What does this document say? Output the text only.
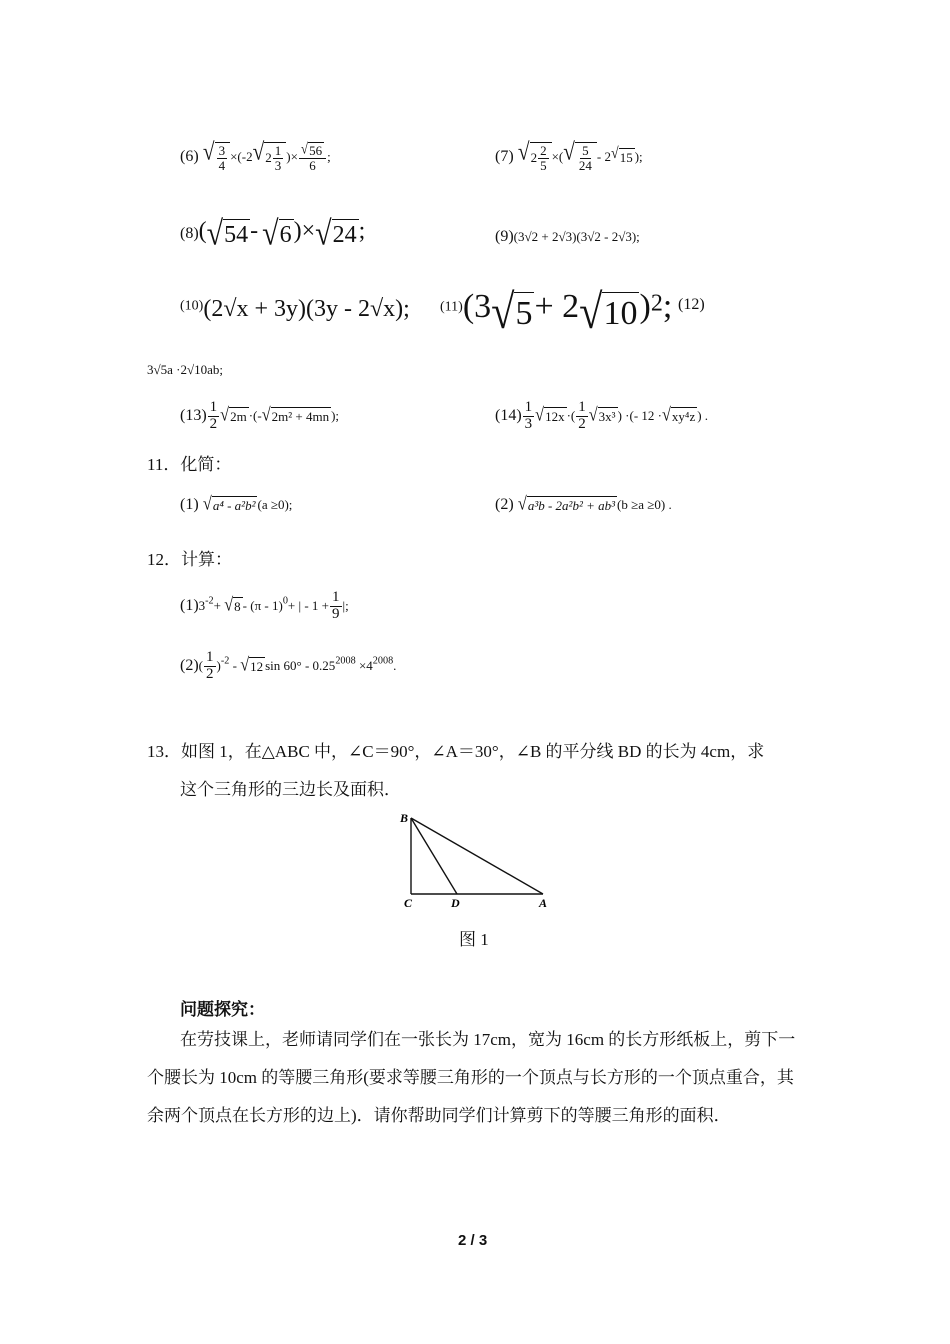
(6) √ $\frac{3}{4} \times(-2$ √ $2 \frac{1}{3}$ )× $\frac{√ 56}{6}$ ;	(7) √ $2 \frac{2}{5}$ ×( √ $\frac{5}{24} - 2$ √ 15 );
(8)( √ 54 - √ 6 )× √ 24 ;	(9)(3√2 + 2√3)(3√2 - 2√3);
(10)(2√x + 3y)(3y - 2√x); (11)(3 √ 5 + 2 √ 10 )$^2$; (12)
3√5a ·2√10ab;
$(13) \frac{1}{2}$ √ 2m ·(- √ 2m² + 4mn );	$(14) \frac{1}{3}$ √ 12x ·( $\frac{1}{2}$ √ 3x³ ) ·(- 12 · √ xy⁴z ) .
11．化简：
(1) √ a⁴ - a²b² (a ≥0);	(2) √ a³b - 2a²b² + ab³ (b ≥a ≥0) .
12．计算：
$(1)3^{-2}+$ √ 8 - (π - 1)$^0$+ | - $1 + \frac{1}{9}$ |;
$(2)( \frac{1}{2} )^{-2}$ - √ 12 $\sin 60^\circ - 0.25^{2008} \times 4^{2008}$.
13．如图 1，在△ABC 中，∠C＝90°，∠A＝30°，∠B 的平分线 BD 的长为 4cm，求
这个三角形的三边长及面积．
B
C	D	A
图 1
问题探究：
在劳技课上，老师请同学们在一张长为 17cm，宽为 16cm 的长方形纸板上，剪下一个腰长为 10cm 的等腰三角形(要求等腰三角形的一个顶点与长方形的一个顶点重合，其余两个顶点在长方形的边上)．请你帮助同学们计算剪下的等腰三角形的面积．
2 / 3
